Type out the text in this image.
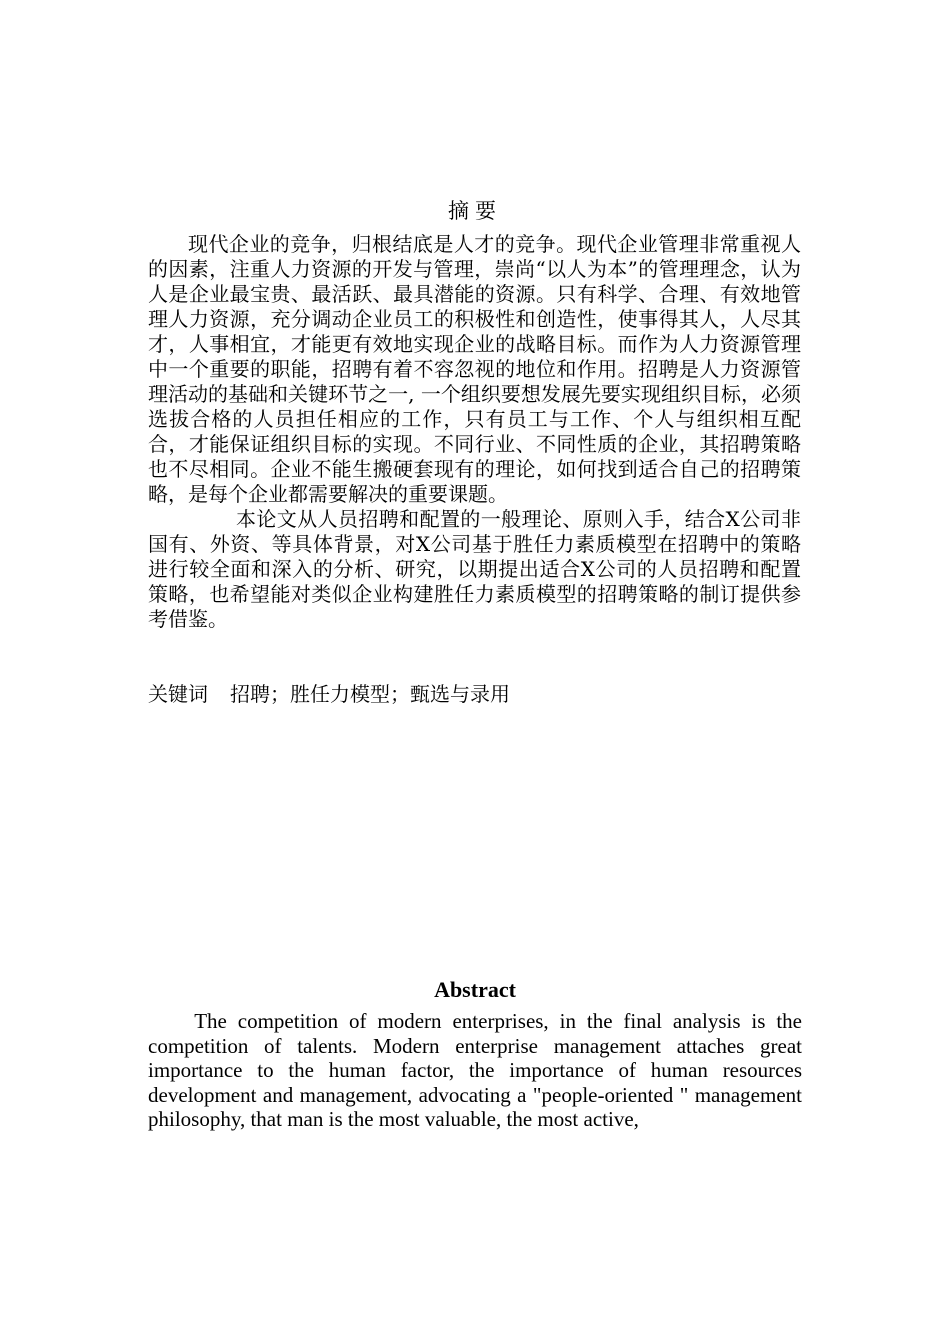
摘要

现代企业的竞争，归根结底是人才的竞争。现代企业管理非常重视人的因素，注重人力资源的开发与管理，崇尚“以人为本”的管理理念，认为人是企业最宝贵、最活跃、最具潜能的资源。只有科学、合理、有效地管理人力资源，充分调动企业员工的积极性和创造性，使事得其人，人尽其才，人事相宜，才能更有效地实现企业的战略目标。而作为人力资源管理中一个重要的职能，招聘有着不容忽视的地位和作用。招聘是人力资源管理活动的基础和关键环节之一, 一个组织要想发展先要实现组织目标，必须选拔合格的人员担任相应的工作，只有员工与工作、个人与组织相互配合，才能保证组织目标的实现。不同行业、不同性质的企业，其招聘策略也不尽相同。企业不能生搬硬套现有的理论，如何找到适合自己的招聘策略，是每个企业都需要解决的重要课题。

本论文从人员招聘和配置的一般理论、原则入手，结合X公司非国有、外资、等具体背景，对X公司基于胜任力素质模型在招聘中的策略进行较全面和深入的分析、研究，以期提出适合X公司的人员招聘和配置策略，也希望能对类似企业构建胜任力素质模型的招聘策略的制订提供参考借鉴。

关键词 招聘；胜任力模型；甄选与录用
Abstract

The competition of modern enterprises, in the final analysis is the competition of talents. Modern enterprise management attaches great importance to the human factor, the importance of human resources development and management, advocating a "people-oriented " management philosophy, that man is the most valuable, the most active,
